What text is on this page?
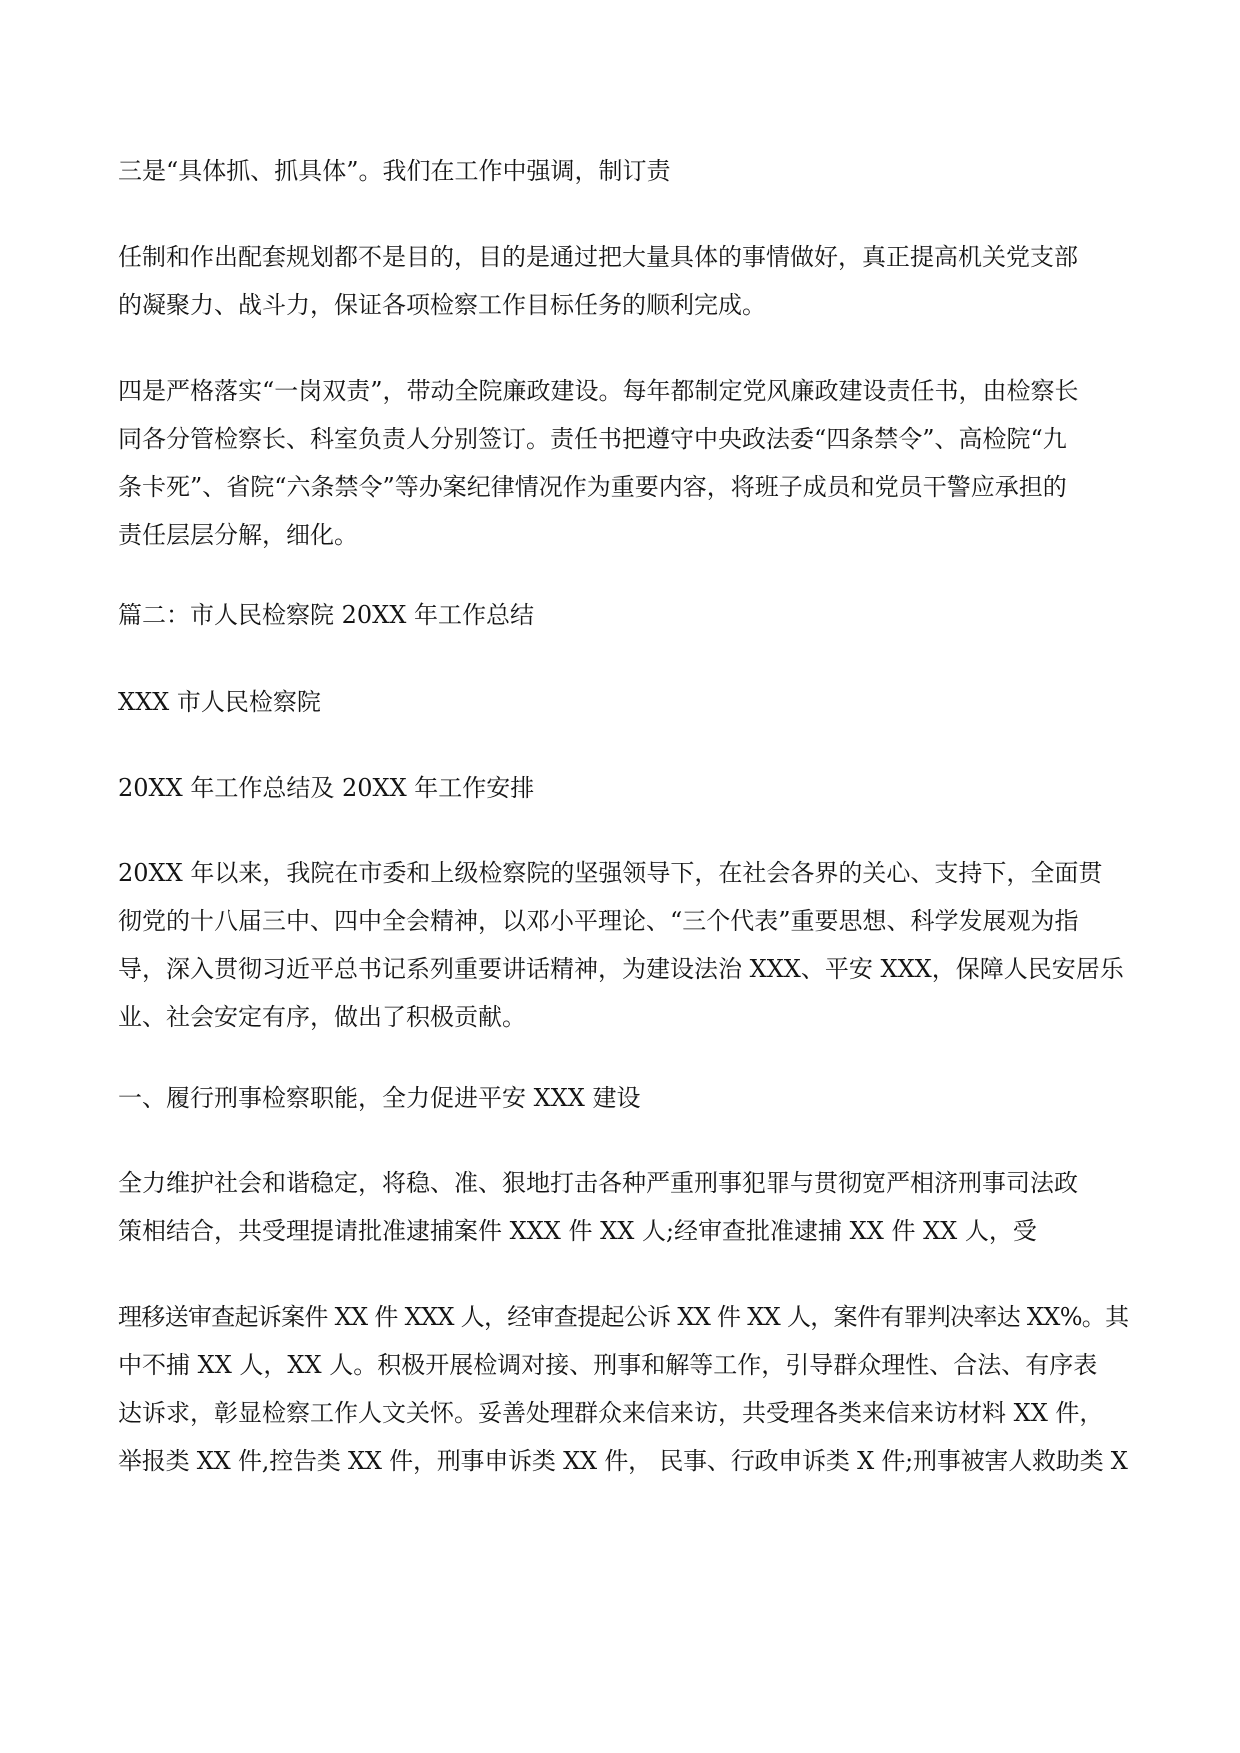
三是“具体抓、抓具体”。我们在工作中强调，制订责

任制和作出配套规划都不是目的，目的是通过把大量具体的事情做好，真正提高机关党支部
的凝聚力、战斗力，保证各项检察工作目标任务的顺利完成。

四是严格落实“一岗双责”，带动全院廉政建设。每年都制定党风廉政建设责任书，由检察长
同各分管检察长、科室负责人分别签订。责任书把遵守中央政法委“四条禁令”、高检院“九
条卡死”、省院“六条禁令”等办案纪律情况作为重要内容，将班子成员和党员干警应承担的
责任层层分解，细化。

篇二：市人民检察院 20XX 年工作总结

XXX 市人民检察院

20XX 年工作总结及 20XX 年工作安排

20XX 年以来，我院在市委和上级检察院的坚强领导下，在社会各界的关心、支持下，全面贯
彻党的十八届三中、四中全会精神，以邓小平理论、“三个代表”重要思想、科学发展观为指
导，深入贯彻习近平总书记系列重要讲话精神，为建设法治 XXX、平安 XXX，保障人民安居乐
业、社会安定有序，做出了积极贡献。

一、履行刑事检察职能，全力促进平安 XXX 建设

全力维护社会和谐稳定，将稳、准、狠地打击各种严重刑事犯罪与贯彻宽严相济刑事司法政
策相结合，共受理提请批准逮捕案件 XXX 件 XX 人;经审查批准逮捕 XX 件 XX 人，受

理移送审查起诉案件 XX 件 XXX 人，经审查提起公诉 XX 件 XX 人，案件有罪判决率达 XX%。其
中不捕 XX 人，XX 人。积极开展检调对接、刑事和解等工作，引导群众理性、合法、有序表
达诉求，彰显检察工作人文关怀。妥善处理群众来信来访，共受理各类来信来访材料 XX 件，
举报类 XX 件,控告类 XX 件，刑事申诉类 XX 件， 民事、行政申诉类 X 件;刑事被害人救助类 X
